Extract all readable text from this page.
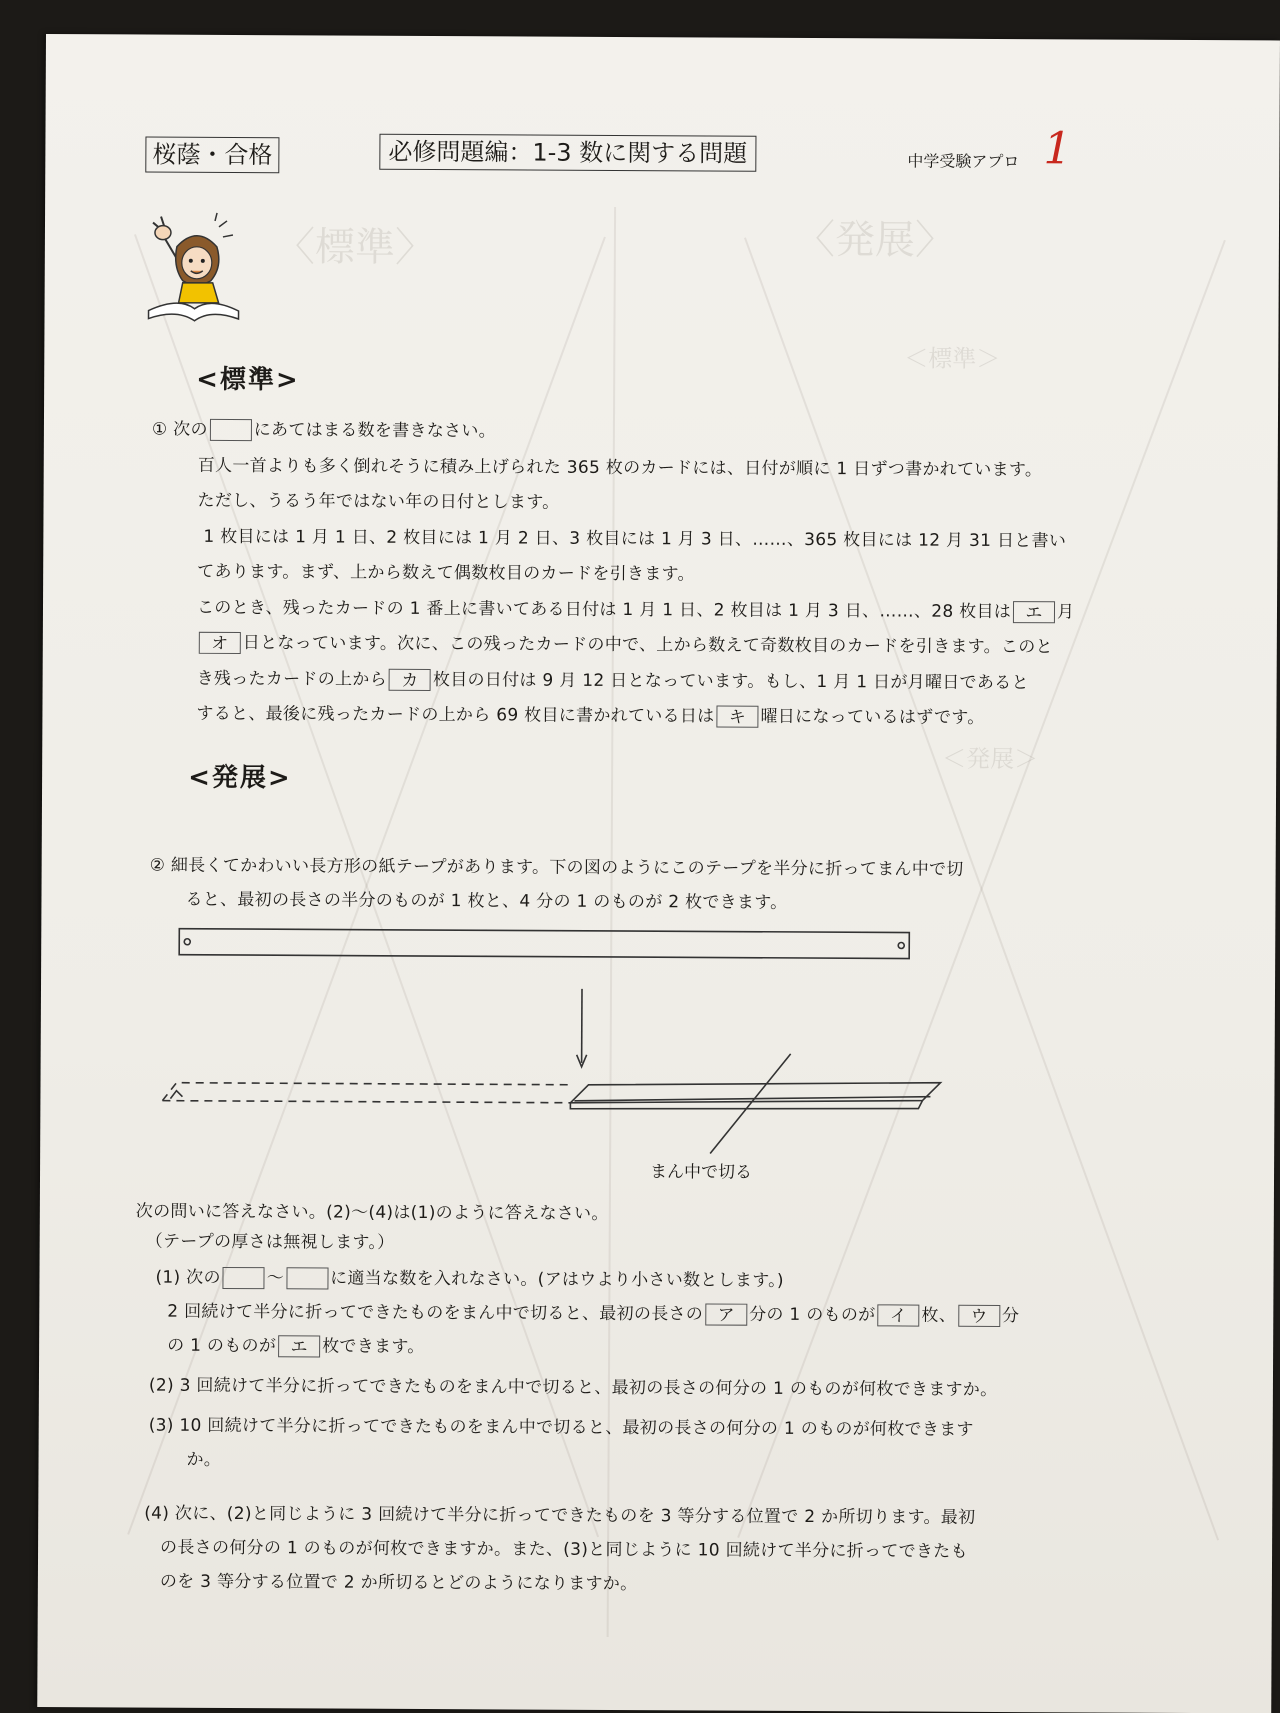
〈発展〉
〈標準〉
＜標準＞
＜発展＞
桜蔭・合格	必修問題編：1-3 数に関する問題	中学受験アプロ 1
<標準>
① 次の	にあてはまる数を書きなさい。
百人一首よりも多く倒れそうに積み上げられた 365 枚のカードには、日付が順に 1 日ずつ書かれています。
ただし、うるう年ではない年の日付とします。
1 枚目には 1 月 1 日、2 枚目には 1 月 2 日、3 枚目には 1 月 3 日、……、365 枚目には 12 月 31 日と書い
てあります。まず、上から数えて偶数枚目のカードを引きます。
このとき、残ったカードの 1 番上に書いてある日付は 1 月 1 日、2 枚目は 1 月 3 日、……、28 枚目は エ 月
オ 日となっています。次に、この残ったカードの中で、上から数えて奇数枚目のカードを引きます。このと
き残ったカードの上から カ 枚目の日付は 9 月 12 日となっています。もし、1 月 1 日が月曜日であると
すると、最後に残ったカードの上から 69 枚目に書かれている日は キ 曜日になっているはずです。
<発展>
② 細長くてかわいい長方形の紙テープがあります。下の図のようにこのテープを半分に折ってまん中で切
ると、最初の長さの半分のものが 1 枚と、4 分の 1 のものが 2 枚できます。
まん中で切る
次の問いに答えなさい。(2)～(4)は(1)のように答えなさい。
（テープの厚さは無視します。）
(1) 次の	～	に適当な数を入れなさい。(アはウより小さい数とします。)
2 回続けて半分に折ってできたものをまん中で切ると、最初の長さの ア 分の 1 のものが イ 枚、 ウ 分
の 1 のものが エ 枚できます。
(2) 3 回続けて半分に折ってできたものをまん中で切ると、最初の長さの何分の 1 のものが何枚できますか。
(3) 10 回続けて半分に折ってできたものをまん中で切ると、最初の長さの何分の 1 のものが何枚できます
か。
(4) 次に、(2)と同じように 3 回続けて半分に折ってできたものを 3 等分する位置で 2 か所切ります。最初
の長さの何分の 1 のものが何枚できますか。また、(3)と同じように 10 回続けて半分に折ってできたも
のを 3 等分する位置で 2 か所切るとどのようになりますか。
